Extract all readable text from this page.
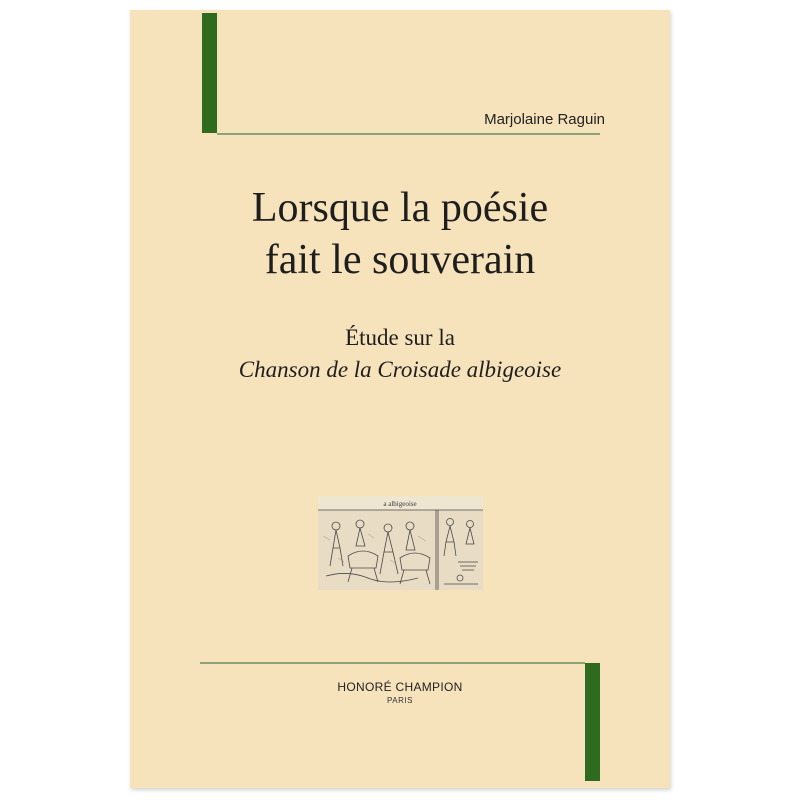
Marjolaine Raguin
Lorsque la poésie
fait le souverain
Étude sur la
Chanson de la Croisade albigeoise
a albigeoise
HONORÉ CHAMPION
PARIS
